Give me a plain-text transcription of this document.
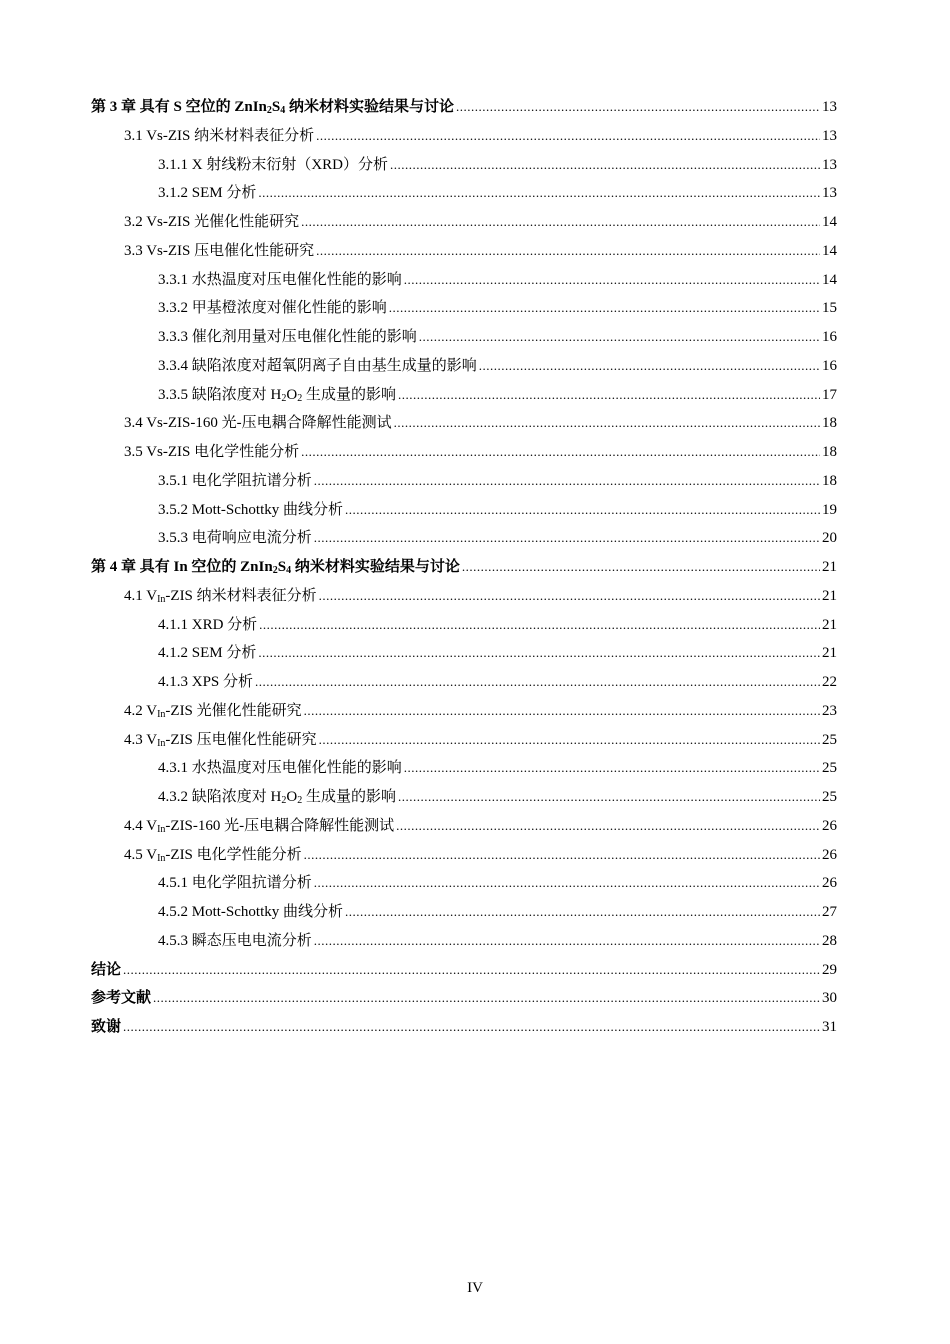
第 3 章 具有 S 空位的 $ZnIn_2S_4$ 纳米材料实验结果与讨论 .....	13
3.1 Vs-ZIS 纳米材料表征分析 .....	13
3.1.1 X 射线粉末衍射（XRD）分析 .....	13
3.1.2 SEM 分析 .....	13
3.2 Vs-ZIS 光催化性能研究 .....	14
3.3 Vs-ZIS 压电催化性能研究 .....	14
3.3.1 水热温度对压电催化性能的影响 .....	14
3.3.2 甲基橙浓度对催化性能的影响 .....	15
3.3.3 催化剂用量对压电催化性能的影响 .....	16
3.3.4 缺陷浓度对超氧阴离子自由基生成量的影响 .....	16
3.3.5 缺陷浓度对 $H_2O_2$ 生成量的影响 .....	17
3.4 Vs-ZIS-160 光-压电耦合降解性能测试 .....	18
3.5 Vs-ZIS 电化学性能分析 .....	18
3.5.1 电化学阻抗谱分析 .....	18
3.5.2 Mott-Schottky 曲线分析 .....	19
3.5.3 电荷响应电流分析 .....	20
第 4 章 具有 In 空位的 $ZnIn_2S_4$ 纳米材料实验结果与讨论 .....	21
4.1 $V_{In}$-ZIS 纳米材料表征分析 .....	21
4.1.1 XRD 分析 .....	21
4.1.2 SEM 分析 .....	21
4.1.3 XPS 分析 .....	22
4.2 $V_{In}$-ZIS 光催化性能研究 .....	23
4.3 $V_{In}$-ZIS 压电催化性能研究 .....	25
4.3.1 水热温度对压电催化性能的影响 .....	25
4.3.2 缺陷浓度对 $H_2O_2$ 生成量的影响 .....	25
4.4 $V_{In}-ZIS-160$ 光-压电耦合降解性能测试 .....	26
4.5 $V_{In}$-ZIS 电化学性能分析 .....	26
4.5.1 电化学阻抗谱分析 .....	26
4.5.2 Mott-Schottky 曲线分析 .....	27
4.5.3 瞬态压电电流分析 .....	28
结论 .....	29
参考文献 .....	30
致谢 .....	31
IV
